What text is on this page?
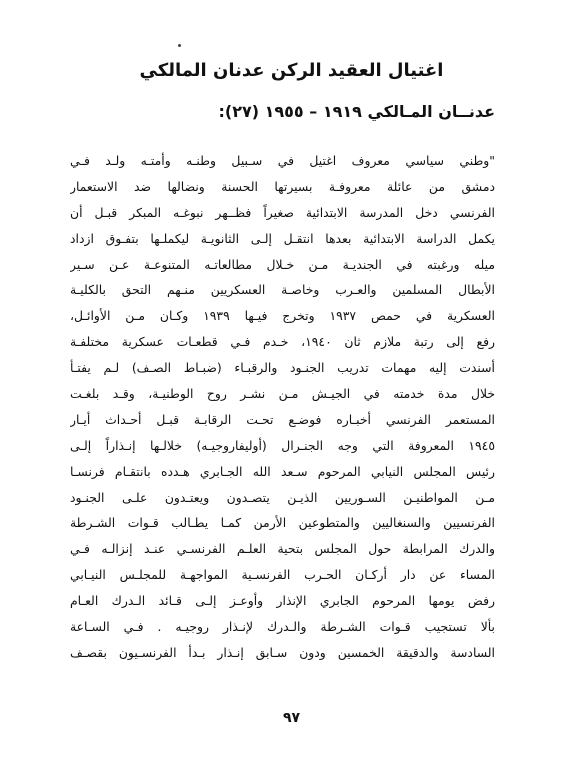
اغتيال العقيد الركن عدنان المالكي
عدنــان المـالكي ١٩١٩ – ١٩٥٥ (٢٧):
"وطني سياسي معروف اغتيل في سـبيل وطنـه وأمتـه ولـد فـي
دمشق من عائلة معروفـة بسيرتها الحسنة ونضالها ضد الاستعمار
الفرنسي دخل المدرسة الابتدائية صغيراً فظــهر نبوغـه المبكر قبـل أن
يكمل الدراسة الابتدائية بعدها انتقـل إلـى الثانويـة ليكملـها بتفـوق ازداد
ميله ورغبته في الجنديـة مـن خـلال مطالعاتـه المتنوعـة عـن سـير
الأبطال المسلمين والعـرب وخاصـة العسكريين منـهم التحق بالكليـة
العسكرية في حمص ١٩٣٧ وتخرج فيـها ١٩٣٩ وكـان مـن الأوائـل،
رفع إلى رتبة ملازم ثان ١٩٤٠، خـدم فـي قطعـات عسكرية مختلفـة
أسندت إليه مهمات تدريب الجنـود والرقبـاء (ضبـاط الصـف) لـم يفتـأ
خلال مدة خدمته في الجيـش مـن نشـر روح الوطنيـة، وقـد بلغـت
المستعمر الفرنسي أخبـاره فوضـع تحـت الرقابـة قبـل أحـداث أيـار
١٩٤٥ المعروفة التي وجه الجنـرال (أوليفاروجيـه) خلالـها إنـذاراً إلـى
رئيس المجلس النيابي المرحوم سـعد الله الجـابري هـدده بانتقـام فرنسـا
مـن المواطنيـن السـوريين الذيـن يتصـدون ويعتـدون علـى الجنـود
الفرنسيين والسنغاليين والمتطوعين الأرمن كمـا يطـالب قـوات الشـرطة
والدرك المرابطة حول المجلس بتحية العلـم الفرنسـي عنـد إنزالـه فـي
المساء عن دار أركـان الحـرب الفرنسـية المواجهـة للمجلـس النيـابي
رفض يومها المرحوم الجابري الإنذار وأوعـز إلـى قـائد الـدرك العـام
بألا تستجيب قـوات الشـرطة والـدرك لإنـذار روجيـه . فـي السـاعة
السادسة والدقيقة الخمسين ودون سـابق إنـذار بـدأ الفرنسـيون بقصـف
٩٧
